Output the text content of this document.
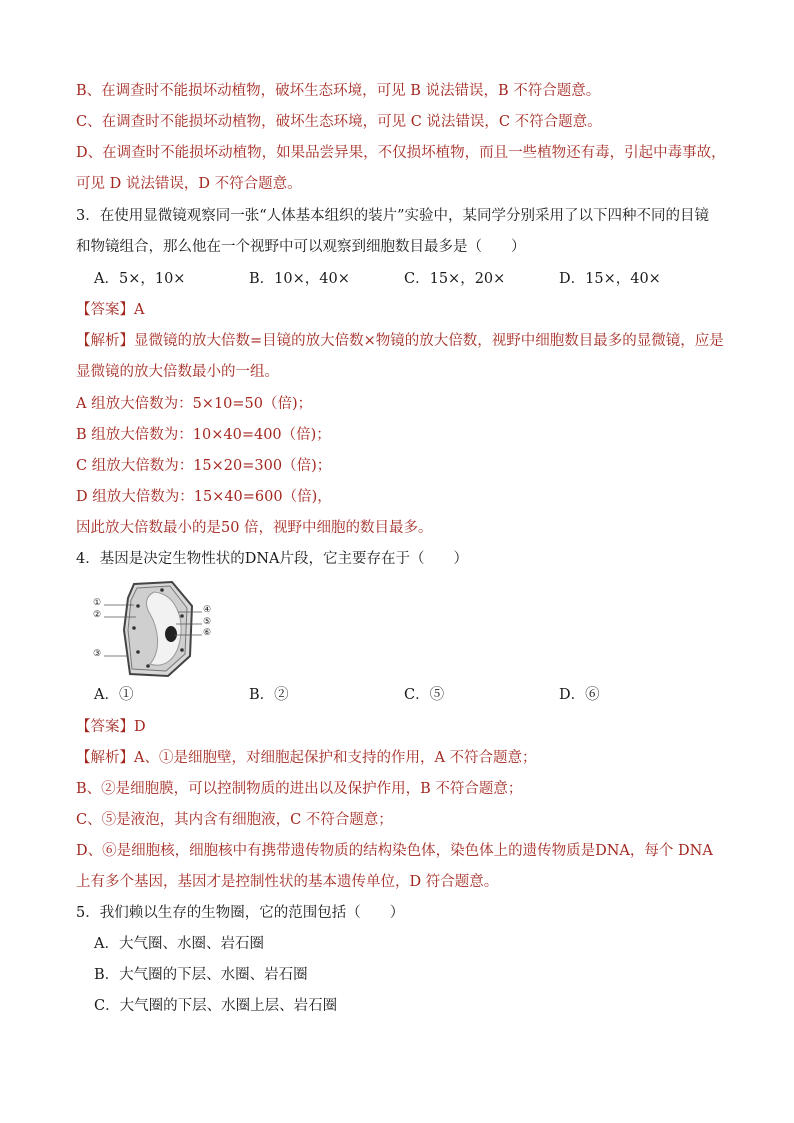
B、在调查时不能损坏动植物，破坏生态环境，可见 B 说法错误，B 不符合题意。
C、在调查时不能损坏动植物，破坏生态环境，可见 C 说法错误，C 不符合题意。
D、在调查时不能损坏动植物，如果品尝异果，不仅损坏植物，而且一些植物还有毒，引起中毒事故，
可见 D 说法错误，D 不符合题意。
3．在使用显微镜观察同一张“人体基本组织的装片”实验中，某同学分别采用了以下四种不同的目镜
和物镜组合，那么他在一个视野中可以观察到细胞数目最多是（　　）
A．5×，10×	B．10×，40×	C．15×，20×	D．15×，40×
【答案】A
【解析】显微镜的放大倍数=目镜的放大倍数×物镜的放大倍数，视野中细胞数目最多的显微镜，应是
显微镜的放大倍数最小的一组。
A 组放大倍数为：5×10=50（倍)；
B 组放大倍数为：10×40=400（倍)；
C 组放大倍数为：15×20=300（倍)；
D 组放大倍数为：15×40=600（倍)，
因此放大倍数最小的是50 倍，视野中细胞的数目最多。
4．基因是决定生物性状的DNA片段，它主要存在于（　　）
①
②
③
④
⑤
⑥
A．①	B．②	C．⑤	D．⑥
【答案】D
【解析】A、①是细胞壁，对细胞起保护和支持的作用，A 不符合题意；
B、②是细胞膜，可以控制物质的进出以及保护作用，B 不符合题意；
C、⑤是液泡，其内含有细胞液，C 不符合题意；
D、⑥是细胞核，细胞核中有携带遗传物质的结构染色体，染色体上的遗传物质是DNA，每个 DNA
上有多个基因，基因才是控制性状的基本遗传单位，D 符合题意。
5．我们赖以生存的生物圈，它的范围包括（　　）
A．大气圈、水圈、岩石圈
B．大气圈的下层、水圈、岩石圈
C．大气圈的下层、水圈上层、岩石圈
